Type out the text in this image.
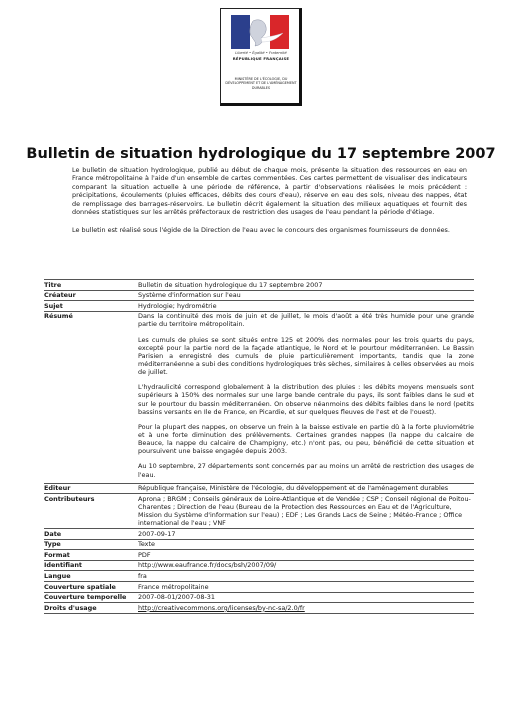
Liberté • Égalité • Fraternité
RÉPUBLIQUE FRANÇAISE
MINISTÈRE DE L'ÉCOLOGIE, DU DÉVELOPPEMENT ET DE L'AMÉNAGEMENT DURABLES
Bulletin de situation hydrologique du 17 septembre 2007

Le bulletin de situation hydrologique, publié au début de chaque mois, présente la situation des ressources en eau en France métropolitaine à l'aide d'un ensemble de cartes commentées. Ces cartes permettent de visualiser des indicateurs comparant la situation actuelle à une période de référence, à partir d'observations réalisées le mois précédent : précipitations, écoulements (pluies efficaces, débits des cours d'eau), réserve en eau des sols, niveau des nappes, état de remplissage des barrages-réservoirs. Le bulletin décrit également la situation des milieux aquatiques et fournit des données statistiques sur les arrêtés préfectoraux de restriction des usages de l'eau pendant la période d'étiage.

Le bulletin est réalisé sous l'égide de la Direction de l'eau avec le concours des organismes fournisseurs de données.

Titre	Bulletin de situation hydrologique du 17 septembre 2007
Créateur	Système d'information sur l'eau
Sujet	Hydrologie; hydrométrie
Résumé	Dans la continuité des mois de juin et de juillet, le mois d'août a été très humide pour une grande partie du territoire métropolitain.

Les cumuls de pluies se sont situés entre 125 et 200% des normales pour les trois quarts du pays, excepté pour la partie nord de la façade atlantique, le Nord et le pourtour méditerranéen. Le Bassin Parisien a enregistré des cumuls de pluie particulièrement importants, tandis que la zone méditerranéenne a subi des conditions hydrologiques très sèches, similaires à celles observées au mois de juillet.

L'hydraulicité correspond globalement à la distribution des pluies : les débits moyens mensuels sont supérieurs à 150% des normales sur une large bande centrale du pays, ils sont faibles dans le sud et sur le pourtour du bassin méditerranéen. On observe néanmoins des débits faibles dans le nord (petits bassins versants en Ile de France, en Picardie, et sur quelques fleuves de l'est et de l'ouest).

Pour la plupart des nappes, on observe un frein à la baisse estivale en partie dû à la forte pluviométrie et à une forte diminution des prélèvements. Certaines grandes nappes (la nappe du calcaire de Beauce, la nappe du calcaire de Champigny, etc.) n'ont pas, ou peu, bénéficié de cette situation et poursuivent une baisse engagée depuis 2003.

Au 10 septembre, 27 départements sont concernés par au moins un arrêté de restriction des usages de l'eau.

Editeur	République française, Ministère de l'écologie, du développement et de l'aménagement durables
Contributeurs	Aprona ; BRGM ; Conseils généraux de Loire-Atlantique et de Vendée ; CSP ; Conseil régional de Poitou-Charentes ; Direction de l'eau (Bureau de la Protection des Ressources en Eau et de l'Agriculture, Mission du Système d'information sur l'eau) ; EDF ; Les Grands Lacs de Seine ; Météo-France ; Office international de l'eau ; VNF
Date	2007-09-17
Type	Texte
Format	PDF
Identifiant	http://www.eaufrance.fr/docs/bsh/2007/09/
Langue	fra
Couverture spatiale	France métropolitaine
Couverture temporelle	2007-08-01/2007-08-31
Droits d'usage	http://creativecommons.org/licenses/by-nc-sa/2.0/fr
